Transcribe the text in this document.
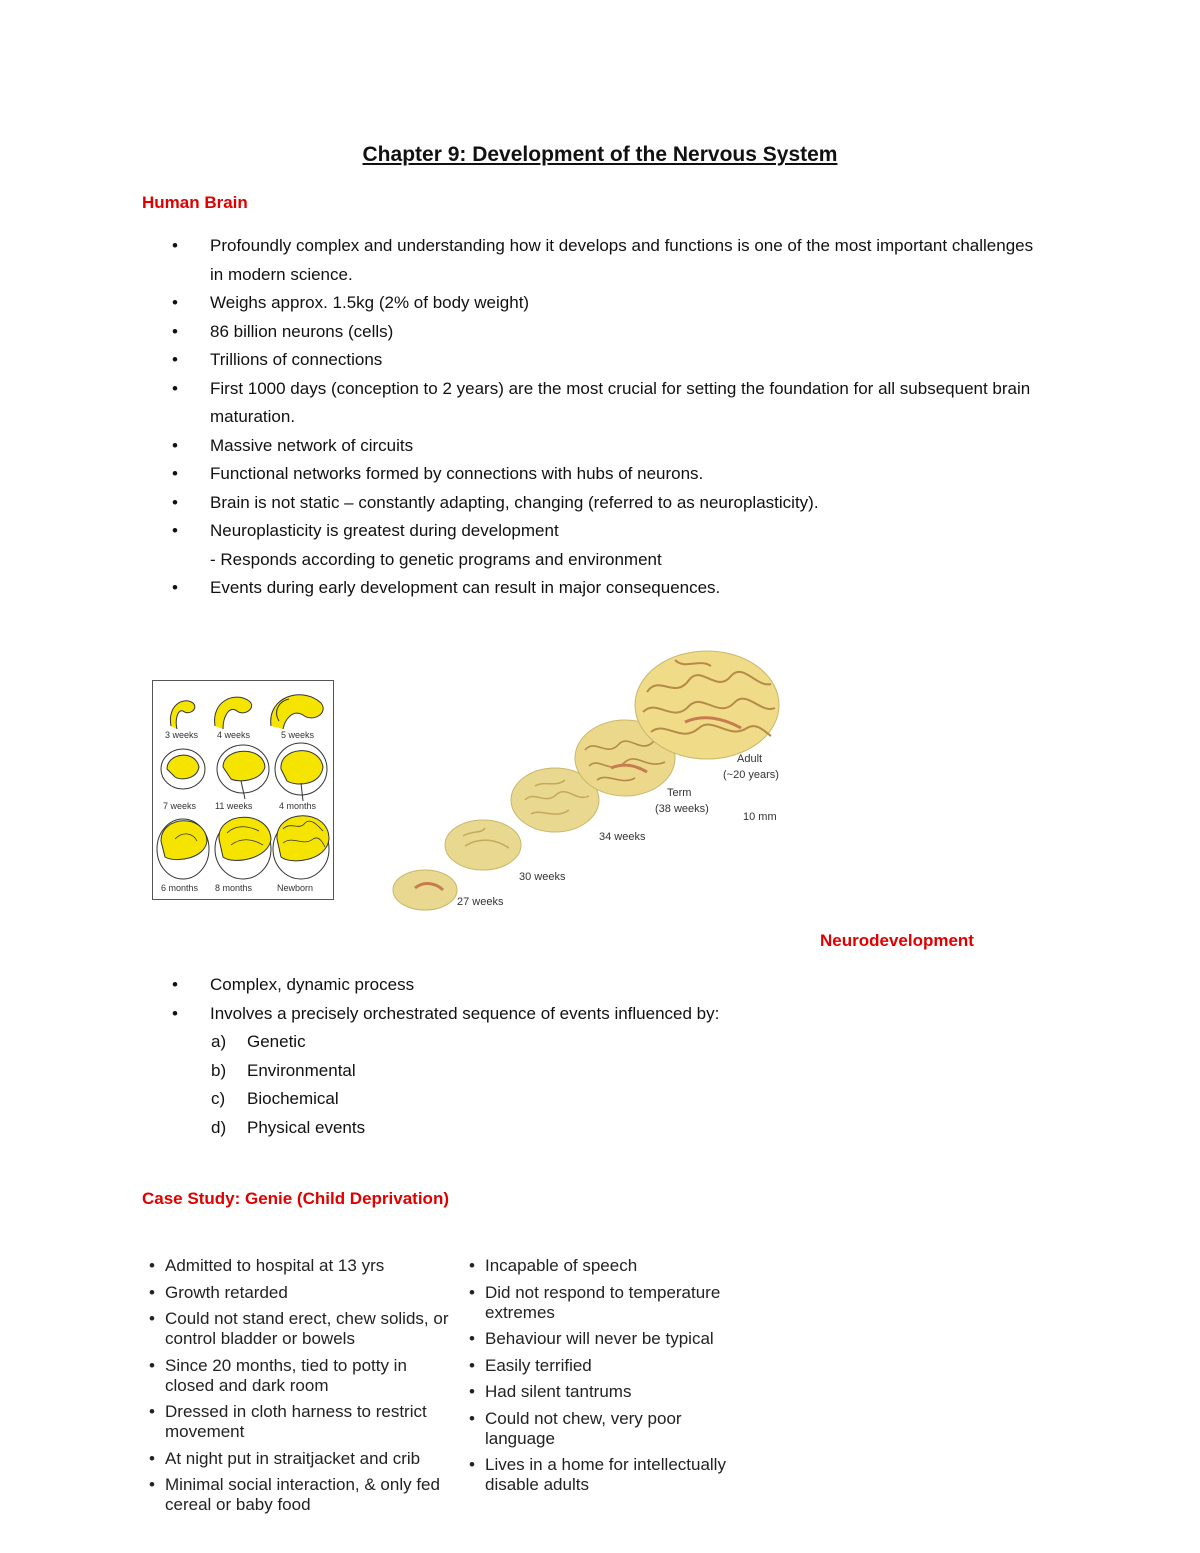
Chapter 9: Development of the Nervous System
Human Brain
• Profoundly complex and understanding how it develops and functions is one of the most important challenges in modern science.
• Weighs approx. 1.5kg (2% of body weight)
• 86 billion neurons (cells)
• Trillions of connections
• First 1000 days (conception to 2 years) are the most crucial for setting the foundation for all subsequent brain maturation.
• Massive network of circuits
• Functional networks formed by connections with hubs of neurons.
• Brain is not static – constantly adapting, changing (referred to as neuroplasticity).
• Neuroplasticity is greatest during development
- Responds according to genetic programs and environment
• Events during early development can result in major consequences.
3 weeks 4 weeks	5 weeks
7 weeks 11 weeks	4 months
6 months 8 months	Newborn
27 weeks
30 weeks
34 weeks
Term
(38 weeks)
Adult
(~20 years)
10 mm
Neurodevelopment
• Complex, dynamic process
• Involves a precisely orchestrated sequence of events influenced by:
a) Genetic
b) Environmental
c) Biochemical
d) Physical events
Case Study: Genie (Child Deprivation)
• Admitted to hospital at 13 yrs
• Growth retarded
• Could not stand erect, chew solids, or control bladder or bowels
• Since 20 months, tied to potty in closed and dark room
• Dressed in cloth harness to restrict movement
• At night put in straitjacket and crib
• Minimal social interaction, & only fed cereal or baby food
• Incapable of speech
• Did not respond to temperature extremes
• Behaviour will never be typical
• Easily terrified
• Had silent tantrums
• Could not chew, very poor language
• Lives in a home for intellectually disable adults
